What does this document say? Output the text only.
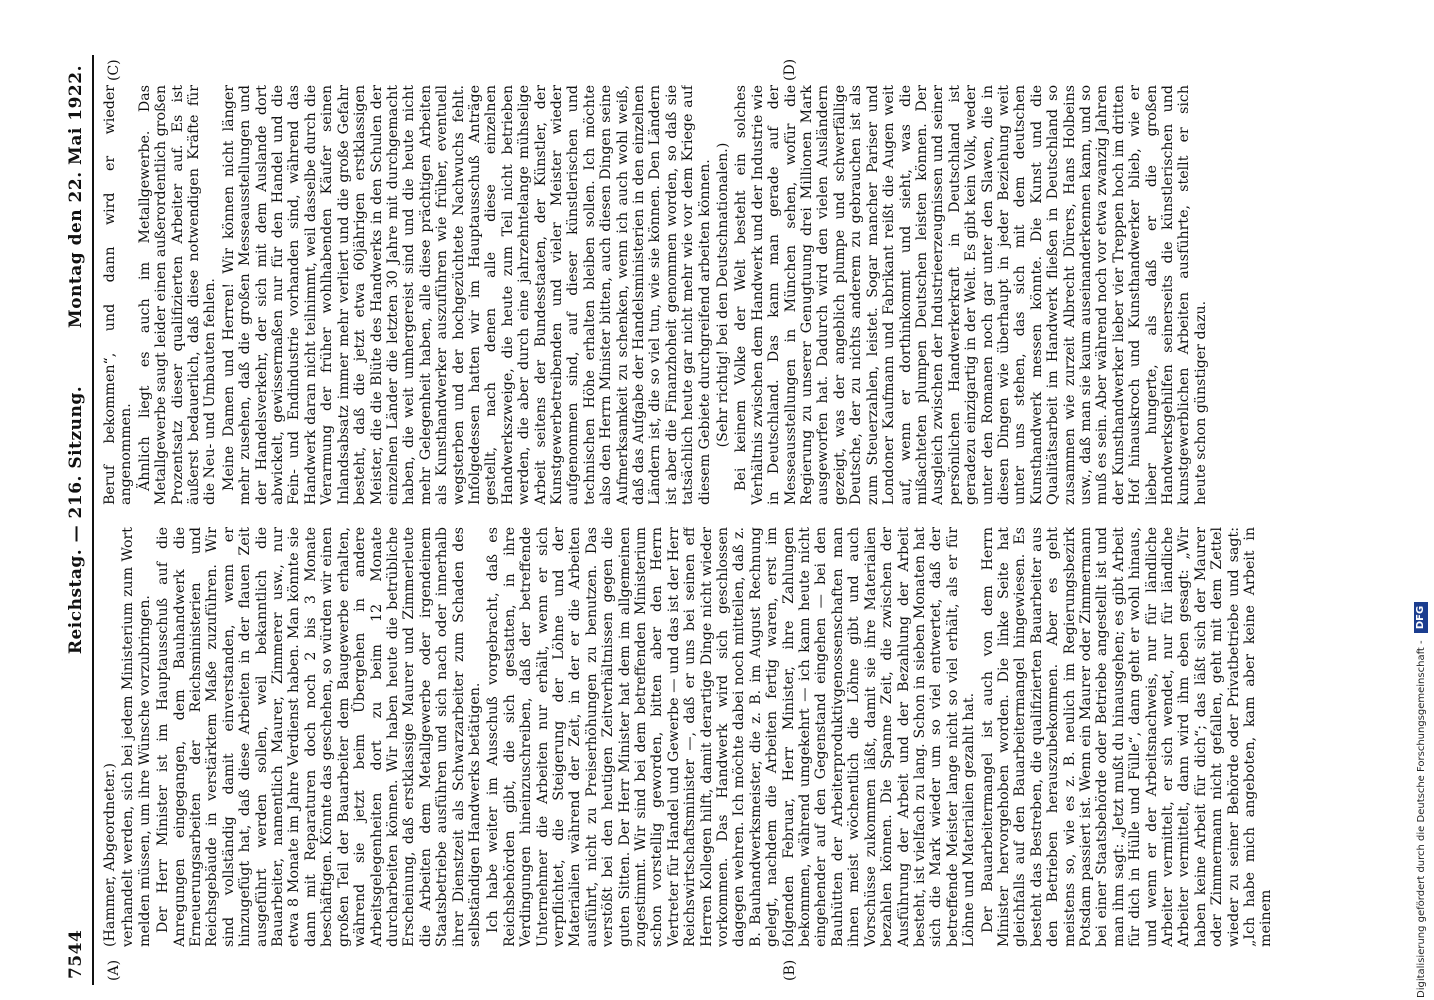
7544
Reichstag. — 216. Sitzung.
Montag den 22. Mai 1922.
(A)	(B)
(C)	(D)

(Hammer, Abgeordneter.) verhandelt werden, sich bei jedem Ministerium zum Wort melden müssen, um ihre Wünsche vorzubringen. Der Herr Minister ist im Hauptausschuß auf die Anregungen eingegangen, dem Bauhandwerk die Erneuerungsarbeiten der Reichsministerien und Reichsgebäude in verstärktem Maße zuzuführen. Wir sind vollständig damit einverstanden, wenn er hinzugefügt hat, daß diese Arbeiten in der flauen Zeit ausgeführt werden sollen, weil bekanntlich die Bauarbeiter, namentlich Maurer, Zimmerer usw., nur etwa 8 Monate im Jahre Verdienst haben. Man könnte sie dann mit Reparaturen doch noch 2 bis 3 Monate beschäftigen. Könnte das geschehen, so würden wir einen großen Teil der Bauarbeiter dem Baugewerbe erhalten, während sie jetzt beim Übergehen in andere Arbeitsgelegenheiten dort zu beim 12 Monate durcharbeiten können. Wir haben heute die betrübliche Erscheinung, daß erstklassige Maurer und Zimmerleute die Arbeiten dem Metallgewerbe oder irgendeinem Staatsbetriebe ausführen und sich nach oder innerhalb ihrer Dienstzeit als Schwarzarbeiter zum Schaden des selbständigen Handwerks betätigen. Ich habe weiter im Ausschuß vorgebracht, daß es Reichsbehörden gibt, die sich gestatten, in ihre Verdingungen hineinzuschreiben, daß der betreffende Unternehmer die Arbeiten nur erhält, wenn er sich verpflichtet, die Steigerung der Löhne und der Materialien während der Zeit, in der er die Arbeiten ausführt, nicht zu Preiserhöhungen zu benutzen. Das verstößt bei den heutigen Zeitverhältnissen gegen die guten Sitten. Der Herr Minister hat dem im allgemeinen zugestimmt. Wir sind bei dem betreffenden Ministerium schon vorstellig geworden, bitten aber den Herrn Vertreter für Handel und Gewerbe — und das ist der Herr Reichswirtschaftsminister —, daß er uns bei seinen eff Herren Kollegen hilft, damit derartige Dinge nicht wieder vorkommen. Das Handwerk wird sich geschlossen dagegen wehren. Ich möchte dabei noch mitteilen, daß z. B. Bauhandwerksmeister, die z. B. im August Rechnung gelegt, nachdem die Arbeiten fertig waren, erst im folgenden Februar, Herr Minister, ihre Zahlungen bekommen, während umgekehrt — ich kann heute nicht eingehender auf den Gegenstand eingehen — bei den Bauhütten der Arbeiterproduktivgenossenschaften man ihnen meist wöchentlich die Löhne gibt und auch Vorschüsse zukommen läßt, damit sie ihre Materialien bezahlen können. Die Spanne Zeit, die zwischen der Ausführung der Arbeit und der Bezahlung der Arbeit besteht, ist vielfach zu lang. Schon in sieben Monaten hat sich die Mark wieder um so viel entwertet, daß der betreffende Meister lange nicht so viel erhält, als er für Löhne und Materialien gezahlt hat. Der Bauarbeitermangel ist auch von dem Herrn Minister hervorgehoben worden. Die linke Seite hat gleichfalls auf den Bauarbeitermangel hingewiesen. Es besteht das Bestreben, die qualifizierten Bauarbeiter aus den Betrieben herauszubekommen. Aber es geht meistens so, wie es z. B. neulich im Regierungsbezirk Potsdam passiert ist. Wenn ein Maurer oder Zimmermann bei einer Staatsbehörde oder Betriebe angestellt ist und man ihm sagt: „Jetzt mußt du hinausgehen; es gibt Arbeit für dich in Hülle und Fülle“, dann geht er wohl hinaus, und wenn er der Arbeitsnachweis, nur für ländliche Arbeiter vermittelt, er sich wendet, nur für ländliche Arbeiter vermittelt, dann wird ihm eben gesagt: „Wir haben keine Arbeit für dich“; das läßt sich der Maurer oder Zimmermann nicht gefallen, geht mit dem Zettel wieder zu seiner Behörde oder Privatbetriebe und sagt: „Ich habe mich angeboten, kam aber keine Arbeit in meinem

Beruf bekommen“, und dann wird er wieder angenommen. Ähnlich liegt es auch im Metallgewerbe. Das Metallgewerbe saugt leider einen außerordentlich großen Prozentsatz dieser qualifizierten Arbeiter auf. Es ist äußerst bedauerlich, daß diese notwendigen Kräfte für die Neu- und Umbauten fehlen. Meine Damen und Herren! Wir können nicht länger mehr zusehen, daß die großen Messeausstellungen und der Handelsverkehr, der sich mit dem Auslande dort abwickelt, gewissermaßen nur für den Handel und die Fein- und Endindustrie vorhanden sind, während das Handwerk daran nicht teilnimmt, weil dasselbe durch die Verarmung der früher wohlhabenden Käufer seinen Inlandsabsatz immer mehr verliert und die große Gefahr besteht, daß die jetzt etwa 60jährigen erstklassigen Meister, die die Blüte des Handwerks in den Schulen der einzelnen Länder die letzten 30 Jahre mit durchgemacht haben, die weit umhergereist sind und die heute nicht mehr Gelegenheit haben, alle diese prächtigen Arbeiten als Kunsthandwerker auszuführen wie früher, eventuell wegsterben und der hochgezüchtete Nachwuchs fehlt. Infolgedessen hatten wir im Hauptausschuß Anträge gestellt, nach denen alle diese einzelnen Handwerkszweige, die heute zum Teil nicht betrieben werden, die aber durch eine jahrzehntelange mühselige Arbeit seitens der Bundesstaaten, der Künstler, der Kunstgewerbetreibenden und vieler Meister wieder aufgenommen sind, auf dieser künstlerischen und technischen Höhe erhalten bleiben sollen. Ich möchte also den Herrn Minister bitten, auch diesen Dingen seine Aufmerksamkeit zu schenken, wenn ich auch wohl weiß, daß das Aufgabe der Handelsministerien in den einzelnen Ländern ist, die so viel tun, wie sie können. Den Ländern ist aber die Finanzhoheit genommen worden, so daß sie tatsächlich heute gar nicht mehr wie vor dem Kriege auf diesem Gebiete durchgreifend arbeiten können. (Sehr richtig! bei den Deutschnationalen.) Bei keinem Volke der Welt besteht ein solches Verhältnis zwischen dem Handwerk und der Industrie wie in Deutschland. Das kann man gerade auf der Messeausstellungen in München sehen, wofür die Regierung zu unserer Genugtuung drei Millionen Mark ausgeworfen hat. Dadurch wird den vielen Ausländern gezeigt, was der angeblich plumpe und schwerfällige Deutsche, der zu nichts anderem zu gebrauchen ist als zum Steuerzahlen, leistet. Sogar mancher Pariser und Londoner Kaufmann und Fabrikant reißt die Augen weit auf, wenn er dorthinkommt und sieht, was die mißachteten plumpen Deutschen leisten können. Der Ausgleich zwischen der Industrieerzeugnissen und seiner persönlichen Handwerkerkraft in Deutschland ist geradezu einzigartig in der Welt. Es gibt kein Volk, weder unter den Romanen noch gar unter den Slawen, die in diesen Dingen wie überhaupt in jeder Beziehung weit unter uns stehen, das sich mit dem deutschen Kunsthandwerk messen könnte. Die Kunst und die Qualitätsarbeit im Handwerk fließen in Deutschland so zusammen wie zurzeit Albrecht Dürers, Hans Holbeins usw., daß man sie kaum auseinanderkennen kann, und so muß es sein. Aber während noch vor etwa zwanzig Jahren der Kunsthandwerker lieber vier Treppen hoch im dritten Hof hinauskroch und Kunsthandwerker blieb, wie er lieber hungerte, als daß er die großen Handwerksgehilfen seinerseits die künstlerischen und kunstgewerblichen Arbeiten ausführte, stellt er sich heute schon günstiger dazu.

Digitalisierung gefördert durch die Deutsche Forschungsgemeinschaft - DFG
